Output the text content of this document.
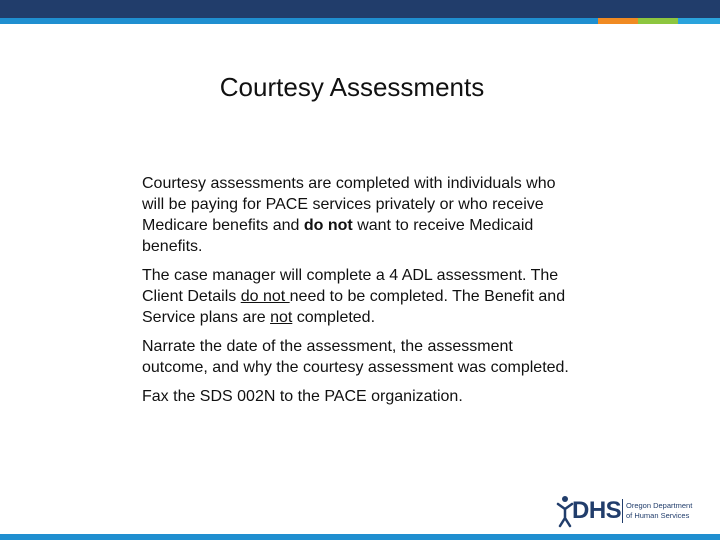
Courtesy Assessments

Courtesy assessments are completed with individuals who will be paying for PACE services privately or who receive Medicare benefits and do not want to receive Medicaid benefits.

The case manager will complete a 4 ADL assessment. The Client Details do not need to be completed. The Benefit and Service plans are not completed.

Narrate the date of the assessment, the assessment outcome, and why the courtesy assessment was completed.

Fax the SDS 002N to the PACE organization.

DHS Oregon Department
of Human Services
